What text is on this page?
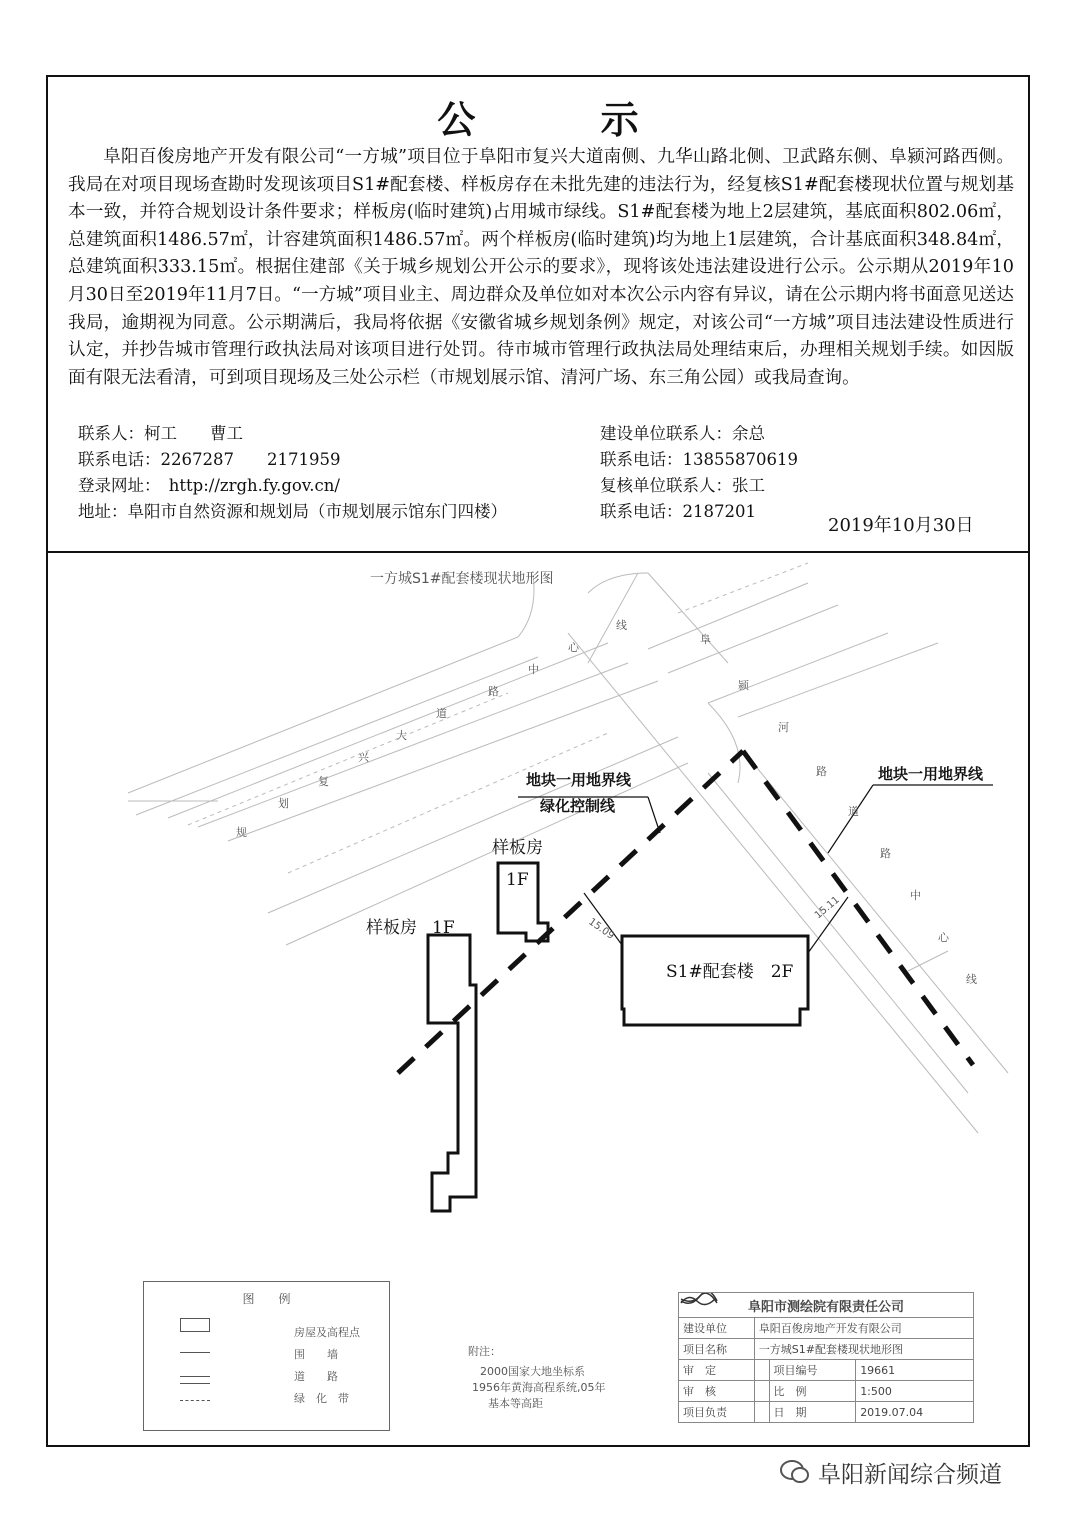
公 示
阜阳百俊房地产开发有限公司“一方城”项目位于阜阳市复兴大道南侧、九华山路北侧、卫武路东侧、阜颍河路西侧。我局在对项目现场查勘时发现该项目S1#配套楼、样板房存在未批先建的违法行为，经复核S1#配套楼现状位置与规划基本一致，并符合规划设计条件要求；样板房(临时建筑)占用城市绿线。S1#配套楼为地上2层建筑，基底面积802.06㎡，总建筑面积1486.57㎡，计容建筑面积1486.57㎡。两个样板房(临时建筑)均为地上1层建筑，合计基底面积348.84㎡，总建筑面积333.15㎡。根据住建部《关于城乡规划公开公示的要求》，现将该处违法建设进行公示。公示期从2019年10月30日至2019年11月7日。“一方城”项目业主、周边群众及单位如对本次公示内容有异议，请在公示期内将书面意见送达我局，逾期视为同意。公示期满后，我局将依据《安徽省城乡规划条例》规定，对该公司“一方城”项目违法建设性质进行认定，并抄告城市管理行政执法局对该项目进行处罚。待市城市管理行政执法局处理结束后，办理相关规划手续。如因版面有限无法看清，可到项目现场及三处公示栏（市规划展示馆、清河广场、东三角公园）或我局查询。
联系人：柯工　　曹工
联系电话：2267287　　2171959
登录网址：　http://zrgh.fy.gov.cn/
地址：阜阳市自然资源和规划局（市规划展示馆东门四楼）
建设单位联系人：余总
联系电话：13855870619
复核单位联系人：张工
联系电话：2187201
2019年10月30日
一方城S1#配套楼现状地形图
规
划
复
兴
大
道
路
中
心
线
阜
颍
河
路
道
路
中
心
线
15.09
15.11
地块一用地界线
绿化控制线
地块一用地界线
样板房
1F
样板房 1F
S1#配套楼　2F
附注：
2000国家大地坐标系
1956年黄海高程系统,05年
基本等高距
图　　例
房屋及高程点
围　　墙
道　　路
绿　化　带
阜阳市测绘院有限责任公司			
建设单位	阜阳百俊房地产开发有限公司		
项目名称	一方城S1#配套楼现状地形图		
审　定		项目编号	19661
审　核		比　例	1:500
项目负责		日　期	2019.07.04
阜阳新闻综合频道
